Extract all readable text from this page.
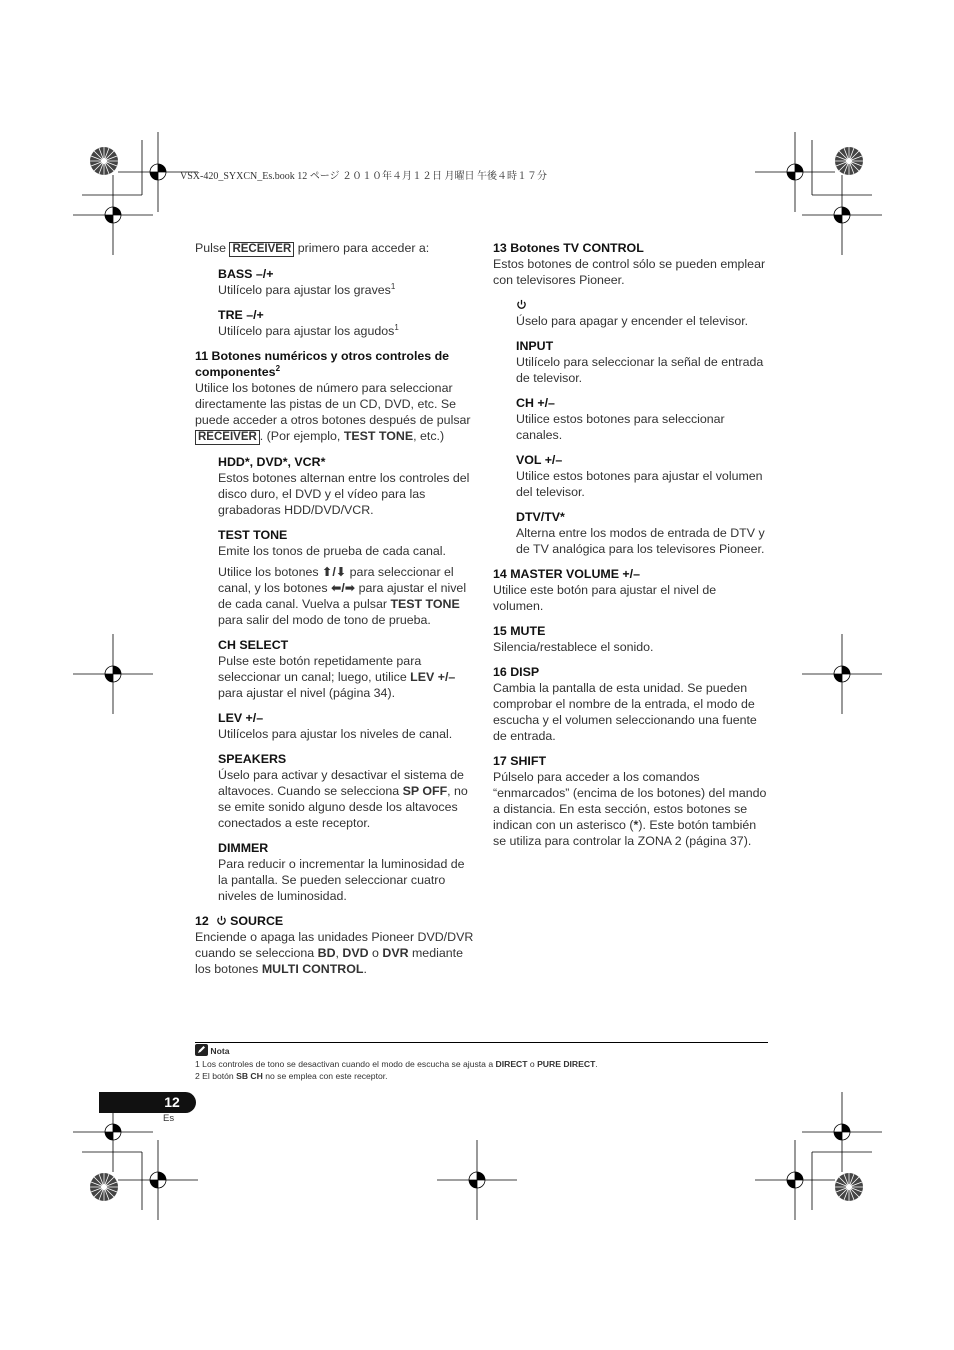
VSX-420_SYXCN_Es.book 12 ページ ２０１０年４月１２日 月曜日 午後４時１７分

Pulse RECEIVER primero para acceder a:

BASS –/+

Utilícelo para ajustar los graves$^1$

TRE –/+

Utilícelo para ajustar los agudos$^1$

11 Botones numéricos y otros controles de componentes$^2$

Utilice los botones de número para seleccionar directamente las pistas de un CD, DVD, etc. Se puede acceder a otros botones después de pulsar RECEIVER . (Por ejemplo, TEST TONE, etc.)

HDD*, DVD*, VCR*

Estos botones alternan entre los controles del disco duro, el DVD y el vídeo para las grabadoras HDD/DVD/VCR.

TEST TONE

Emite los tonos de prueba de cada canal.

Utilice los botones ⬆/⬇ para seleccionar el canal, y los botones ⬅/➡ para ajustar el nivel de cada canal. Vuelva a pulsar TEST TONE para salir del modo de tono de prueba.

CH SELECT

Pulse este botón repetidamente para seleccionar un canal; luego, utilice LEV +/– para ajustar el nivel (página 34).

LEV +/–

Utilícelos para ajustar los niveles de canal.

SPEAKERS

Úselo para activar y desactivar el sistema de altavoces. Cuando se selecciona SP OFF, no se emite sonido alguno desde los altavoces conectados a este receptor.

DIMMER

Para reducir o incrementar la luminosidad de la pantalla. Se pueden seleccionar cuatro niveles de luminosidad.

12 SOURCE

Enciende o apaga las unidades Pioneer DVD/DVR cuando se selecciona BD, DVD o DVR mediante los botones MULTI CONTROL.

13 Botones TV CONTROL

Estos botones de control sólo se pueden emplear con televisores Pioneer.

Úselo para apagar y encender el televisor.

INPUT

Utilícelo para seleccionar la señal de entrada de televisor.

CH +/–

Utilice estos botones para seleccionar canales.

VOL +/–

Utilice estos botones para ajustar el volumen del televisor.

DTV/TV*

Alterna entre los modos de entrada de DTV y de TV analógica para los televisores Pioneer.

14 MASTER VOLUME +/–

Utilice este botón para ajustar el nivel de volumen.

15 MUTE

Silencia/restablece el sonido.

16 DISP

Cambia la pantalla de esta unidad. Se pueden comprobar el nombre de la entrada, el modo de escucha y el volumen seleccionando una fuente de entrada.

17 SHIFT

Púlselo para acceder a los comandos “enmarcados” (encima de los botones) del mando a distancia. En esta sección, estos botones se indican con un asterisco (*). Este botón también se utiliza para controlar la ZONA 2 (página 37).

Nota

1 Los controles de tono se desactivan cuando el modo de escucha se ajusta a DIRECT o PURE DIRECT.

2 El botón SB CH no se emplea con este receptor.

12
Es
